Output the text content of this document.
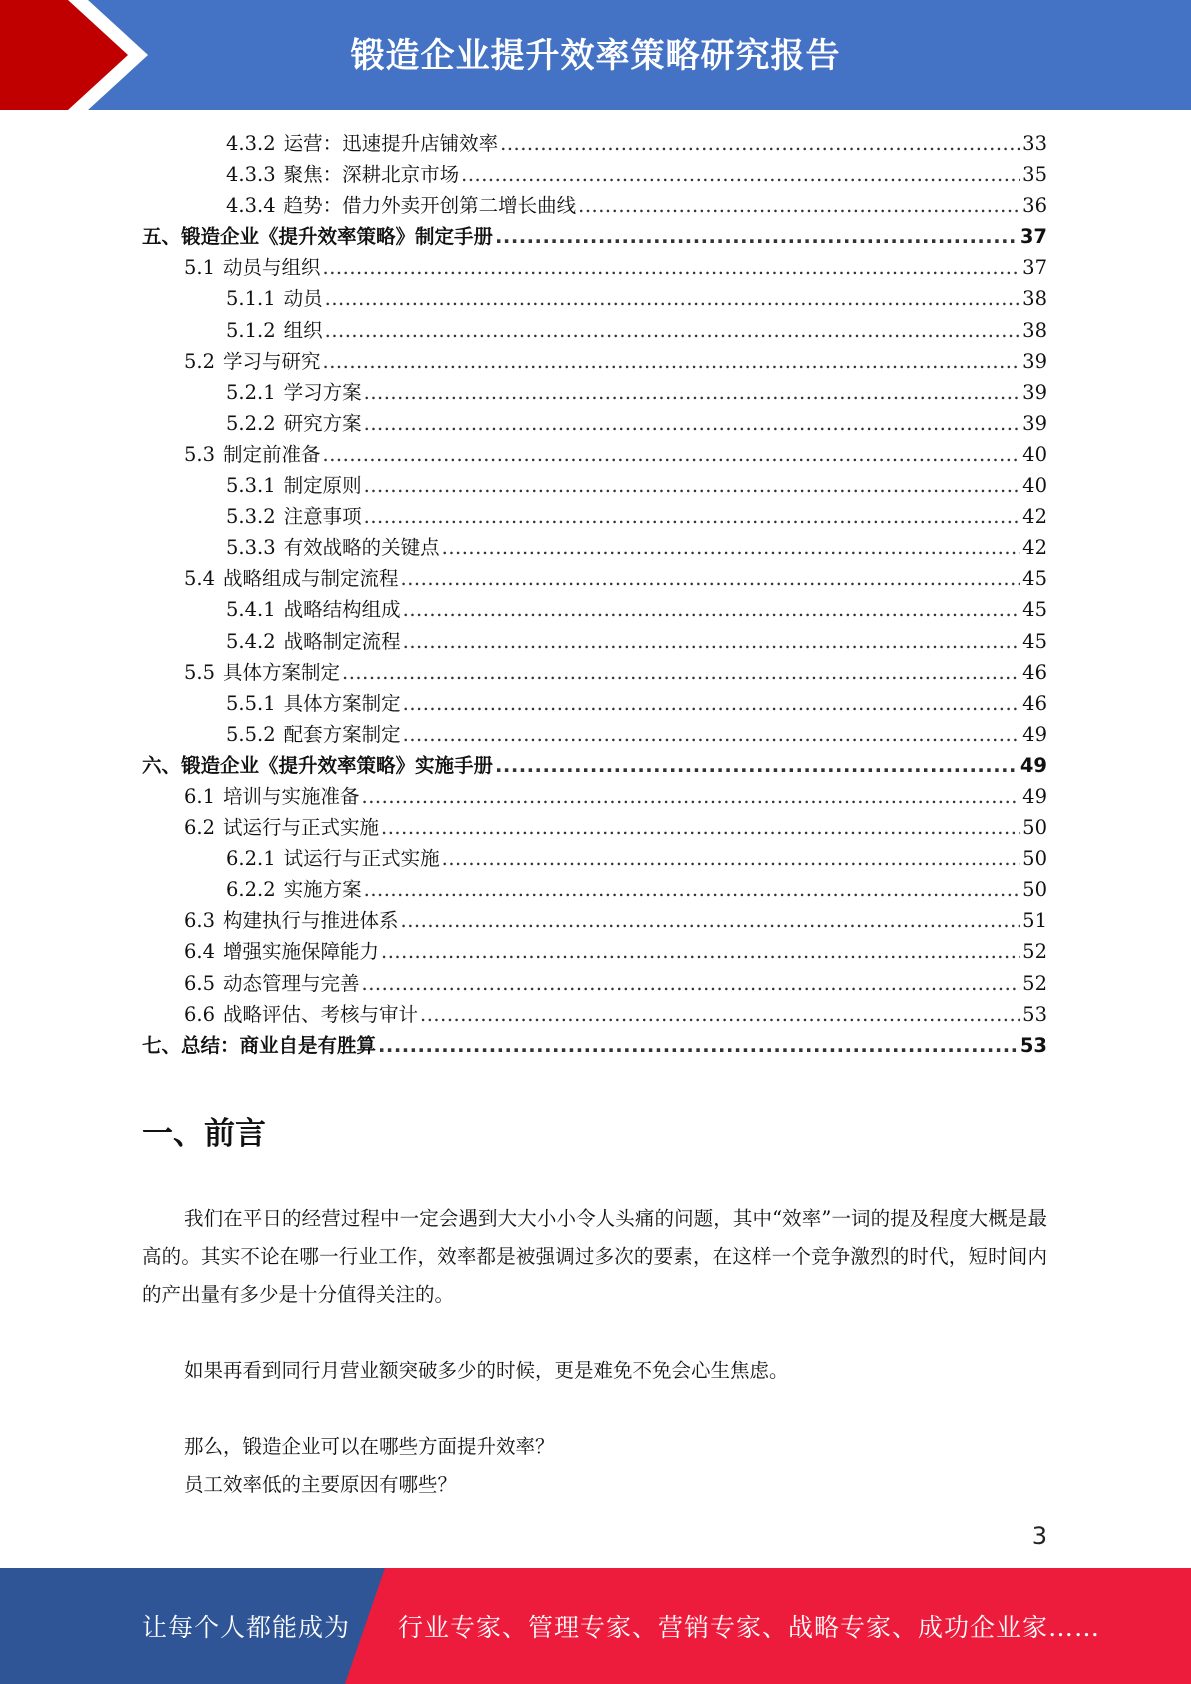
锻造企业提升效率策略研究报告
4.3.2 运营：迅速提升店铺效率 .....	33
4.3.3 聚焦：深耕北京市场 .....	35
4.3.4 趋势：借力外卖开创第二增长曲线 .....	36
五、锻造企业《提升效率策略》制定手册 .....	37
5.1 动员与组织 .....	37
5.1.1 动员 .....	38
5.1.2 组织 .....	38
5.2 学习与研究 .....	39
5.2.1 学习方案 .....	39
5.2.2 研究方案 .....	39
5.3 制定前准备 .....	40
5.3.1 制定原则 .....	40
5.3.2 注意事项 .....	42
5.3.3 有效战略的关键点 .....	42
5.4 战略组成与制定流程 .....	45
5.4.1 战略结构组成 .....	45
5.4.2 战略制定流程 .....	45
5.5 具体方案制定 .....	46
5.5.1 具体方案制定 .....	46
5.5.2 配套方案制定 .....	49
六、锻造企业《提升效率策略》实施手册 .....	49
6.1 培训与实施准备 .....	49
6.2 试运行与正式实施 .....	50
6.2.1 试运行与正式实施 .....	50
6.2.2 实施方案 .....	50
6.3 构建执行与推进体系 .....	51
6.4 增强实施保障能力 .....	52
6.5 动态管理与完善 .....	52
6.6 战略评估、考核与审计 .....	53
七、总结：商业自是有胜算 .....	53
一、前言

我们在平日的经营过程中一定会遇到大大小小令人头痛的问题，其中“效率”一词的提及程度大概是最高的。其实不论在哪一行业工作，效率都是被强调过多次的要素，在这样一个竞争激烈的时代，短时间内的产出量有多少是十分值得关注的。

如果再看到同行月营业额突破多少的时候，更是难免不免会心生焦虑。

那么，锻造企业可以在哪些方面提升效率？

员工效率低的主要原因有哪些？

3
让每个人都能成为 行业专家、管理专家、营销专家、战略专家、成功企业家……
